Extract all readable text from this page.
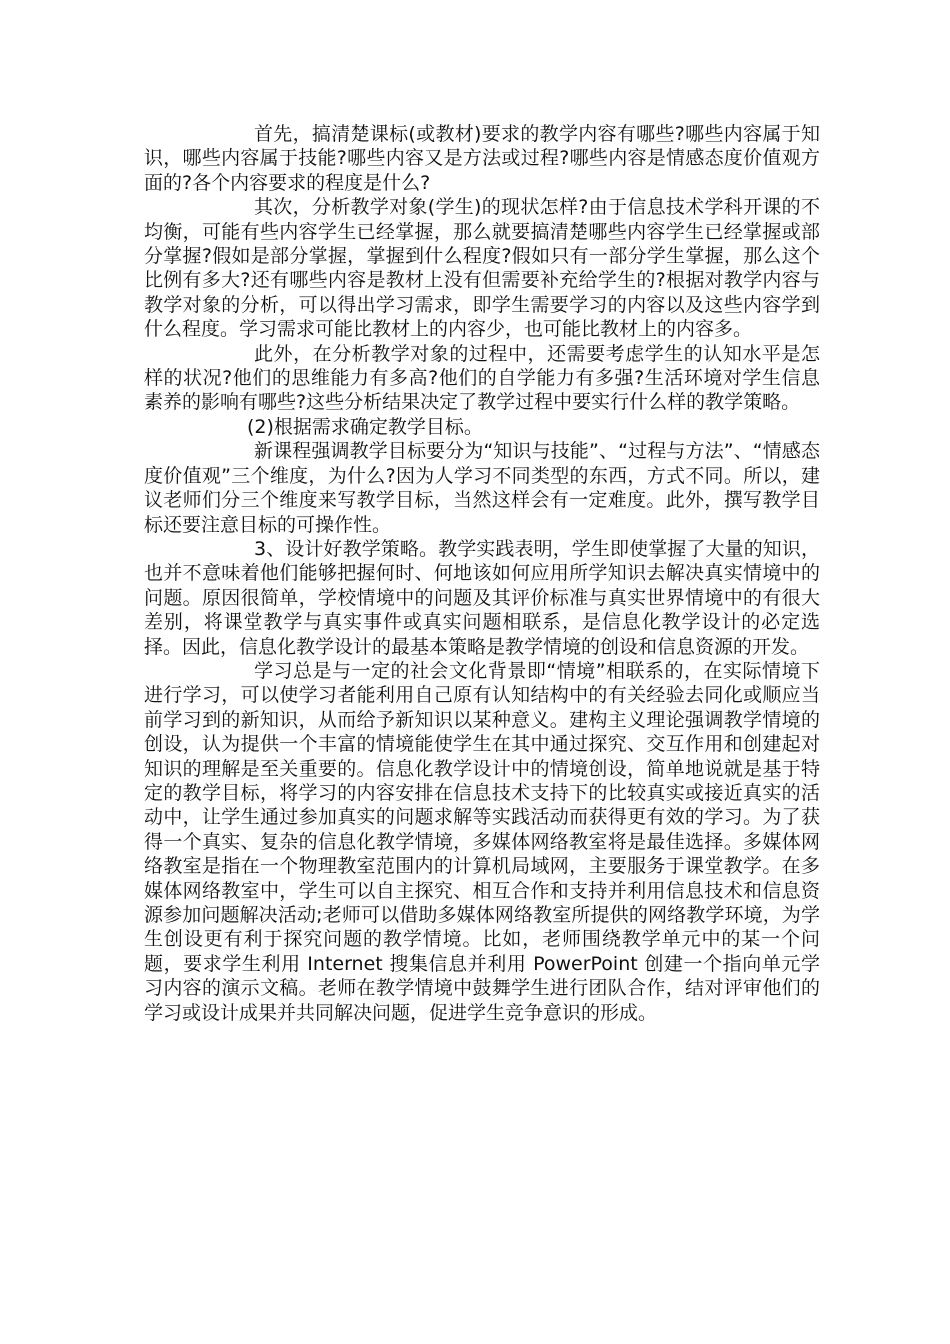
首先，搞清楚课标(或教材)要求的教学内容有哪些?哪些内容属于知识，哪些内容属于技能?哪些内容又是方法或过程?哪些内容是情感态度价值观方面的?各个内容要求的程度是什么?

其次，分析教学对象(学生)的现状怎样?由于信息技术学科开课的不均衡，可能有些内容学生已经掌握，那么就要搞清楚哪些内容学生已经掌握或部分掌握?假如是部分掌握，掌握到什么程度?假如只有一部分学生掌握，那么这个比例有多大?还有哪些内容是教材上没有但需要补充给学生的?根据对教学内容与教学对象的分析，可以得出学习需求，即学生需要学习的内容以及这些内容学到什么程度。学习需求可能比教材上的内容少，也可能比教材上的内容多。

此外，在分析教学对象的过程中，还需要考虑学生的认知水平是怎样的状况?他们的思维能力有多高?他们的自学能力有多强?生活环境对学生信息素养的影响有哪些?这些分析结果决定了教学过程中要实行什么样的教学策略。

(2)根据需求确定教学目标。

新课程强调教学目标要分为“知识与技能”、“过程与方法”、“情感态度价值观”三个维度，为什么?因为人学习不同类型的东西，方式不同。所以，建议老师们分三个维度来写教学目标，当然这样会有一定难度。此外，撰写教学目标还要注意目标的可操作性。

3、设计好教学策略。教学实践表明，学生即使掌握了大量的知识，也并不意味着他们能够把握何时、何地该如何应用所学知识去解决真实情境中的问题。原因很简单，学校情境中的问题及其评价标准与真实世界情境中的有很大差别，将课堂教学与真实事件或真实问题相联系，是信息化教学设计的必定选择。因此，信息化教学设计的最基本策略是教学情境的创设和信息资源的开发。

学习总是与一定的社会文化背景即“情境”相联系的，在实际情境下进行学习，可以使学习者能利用自己原有认知结构中的有关经验去同化或顺应当前学习到的新知识，从而给予新知识以某种意义。建构主义理论强调教学情境的创设，认为提供一个丰富的情境能使学生在其中通过探究、交互作用和创建起对知识的理解是至关重要的。信息化教学设计中的情境创设，简单地说就是基于特定的教学目标，将学习的内容安排在信息技术支持下的比较真实或接近真实的活动中，让学生通过参加真实的问题求解等实践活动而获得更有效的学习。为了获得一个真实、复杂的信息化教学情境，多媒体网络教室将是最佳选择。多媒体网络教室是指在一个物理教室范围内的计算机局域网，主要服务于课堂教学。在多媒体网络教室中，学生可以自主探究、相互合作和支持并利用信息技术和信息资源参加问题解决活动;老师可以借助多媒体网络教室所提供的网络教学环境，为学生创设更有利于探究问题的教学情境。比如，老师围绕教学单元中的某一个问题，要求学生利用 Internet 搜集信息并利用 PowerPoint 创建一个指向单元学习内容的演示文稿。老师在教学情境中鼓舞学生进行团队合作，结对评审他们的学习或设计成果并共同解决问题，促进学生竞争意识的形成。
